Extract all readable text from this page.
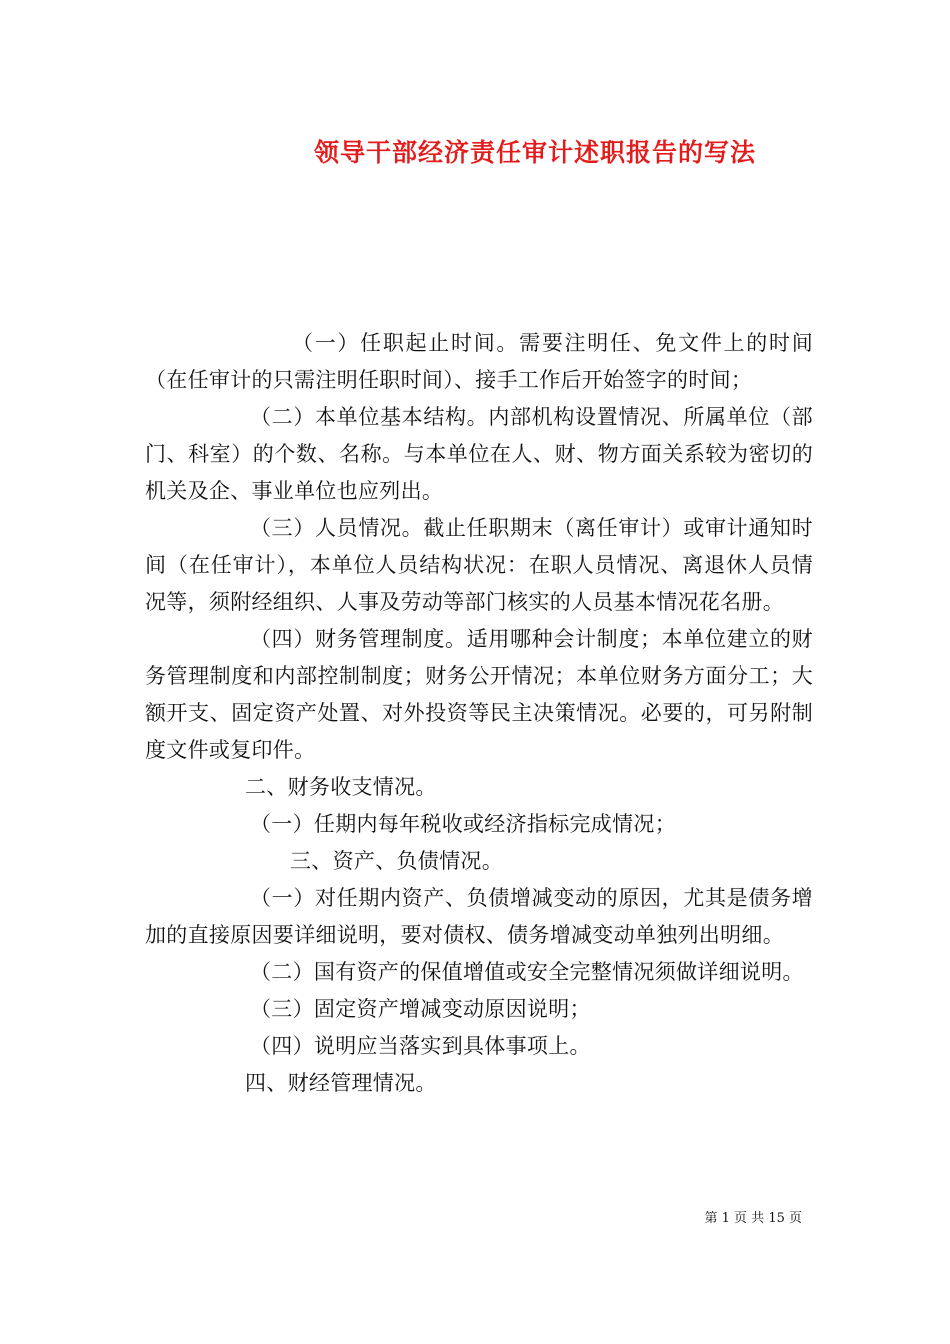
领导干部经济责任审计述职报告的写法

（一）任职起止时间。需要注明任、免文件上的时间（在任审计的只需注明任职时间）、接手工作后开始签字的时间；

（二）本单位基本结构。内部机构设置情况、所属单位（部门、科室）的个数、名称。与本单位在人、财、物方面关系较为密切的机关及企、事业单位也应列出。

（三）人员情况。截止任职期末（离任审计）或审计通知时间（在任审计），本单位人员结构状况：在职人员情况、离退休人员情况等，须附经组织、人事及劳动等部门核实的人员基本情况花名册。

（四）财务管理制度。适用哪种会计制度；本单位建立的财务管理制度和内部控制制度；财务公开情况；本单位财务方面分工；大额开支、固定资产处置、对外投资等民主决策情况。必要的，可另附制度文件或复印件。

二、财务收支情况。

（一）任期内每年税收或经济指标完成情况；

三、资产、负债情况。

（一）对任期内资产、负债增减变动的原因，尤其是债务增加的直接原因要详细说明，要对债权、债务增减变动单独列出明细。

（二）国有资产的保值增值或安全完整情况须做详细说明。

（三）固定资产增减变动原因说明；

（四）说明应当落实到具体事项上。

四、财经管理情况。

第 1 页 共 15 页
